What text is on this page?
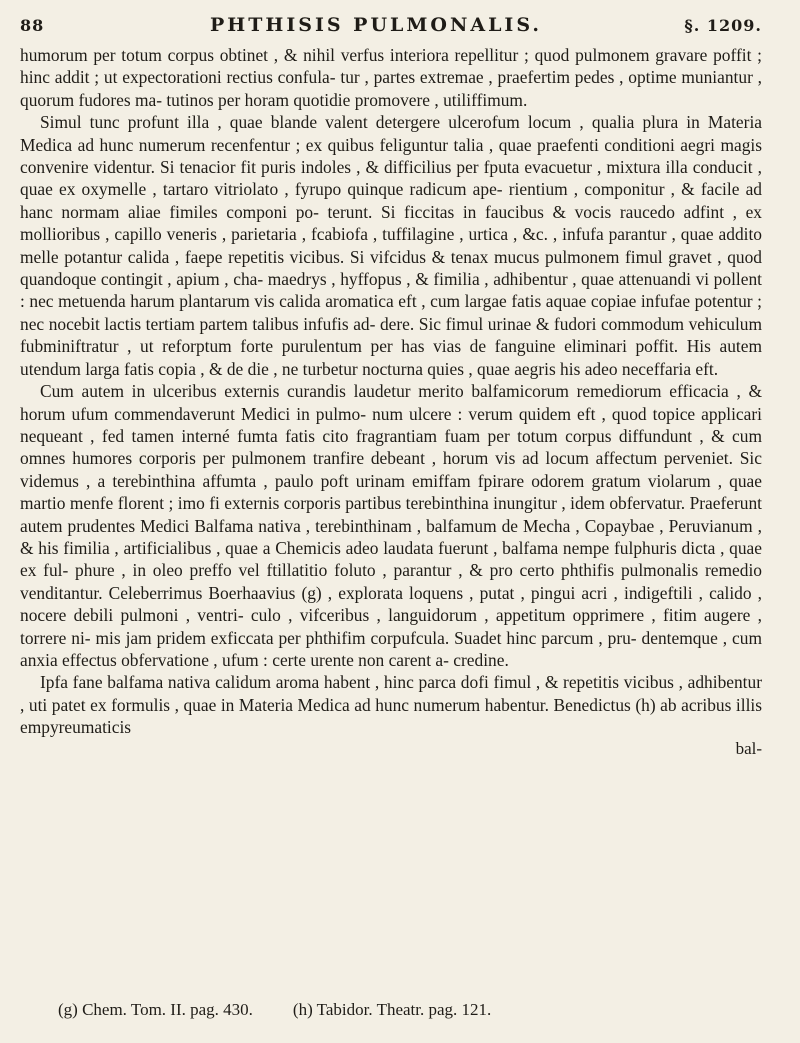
88	PHTHISIS PULMONALIS.	§. 1209.

humorum per totum corpus obtinet , & nihil verfus interiora repellitur ; quod pulmonem gravare poffit ; hinc addit ; ut expectorationi rectius confula- tur , partes extremae , praefertim pedes , optime muniantur , quorum fudores ma- tutinos per horam quotidie promovere , utiliffimum.

Simul tunc profunt illa , quae blande valent detergere ulcerofum locum , qualia plura in Materia Medica ad hunc numerum recenfentur ; ex quibus feliguntur talia , quae praefenti conditioni aegri magis convenire videntur. Si tenacior fit puris indoles , & difficilius per fputa evacuetur , mixtura illa conducit , quae ex oxymelle , tartaro vitriolato , fyrupo quinque radicum ape- rientium , componitur , & facile ad hanc normam aliae fimiles componi po- terunt. Si ficcitas in faucibus & vocis raucedo adfint , ex mollioribus , capillo veneris , parietaria , fcabiofa , tuffilagine , urtica , &c. , infufa parantur , quae addito melle potantur calida , faepe repetitis vicibus. Si vifcidus & tenax mucus pulmonem fimul gravet , quod quandoque contingit , apium , cha- maedrys , hyffopus , & fimilia , adhibentur , quae attenuandi vi pollent : nec metuenda harum plantarum vis calida aromatica eft , cum largae fatis aquae copiae infufae potentur ; nec nocebit lactis tertiam partem talibus infufis ad- dere. Sic fimul urinae & fudori commodum vehiculum fubminiftratur , ut reforptum forte purulentum per has vias de fanguine eliminari poffit. His autem utendum larga fatis copia , & de die , ne turbetur nocturna quies , quae aegris his adeo neceffaria eft.

Cum autem in ulceribus externis curandis laudetur merito balfamicorum remediorum efficacia , & horum ufum commendaverunt Medici in pulmo- num ulcere : verum quidem eft , quod topice applicari nequeant , fed tamen interné fumta fatis cito fragrantiam fuam per totum corpus diffundunt , & cum omnes humores corporis per pulmonem tranfire debeant , horum vis ad locum affectum perveniet. Sic videmus , a terebinthina affumta , paulo poft urinam emiffam fpirare odorem gratum violarum , quae martio menfe florent ; imo fi externis corporis partibus terebinthina inungitur , idem obfervatur. Praeferunt autem prudentes Medici Balfama nativa , terebinthinam , balfamum de Mecha , Copaybae , Peruvianum , & his fimilia , artificialibus , quae a Chemicis adeo laudata fuerunt , balfama nempe fulphuris dicta , quae ex ful- phure , in oleo preffo vel ftillatitio foluto , parantur , & pro certo phthifis pulmonalis remedio venditantur. Celeberrimus Boerhaavius (g) , explorata loquens , putat , pingui acri , indigeftili , calido , nocere debili pulmoni , ventri- culo , vifceribus , languidorum , appetitum opprimere , fitim augere , torrere ni- mis jam pridem exficcata per phthifim corpufcula. Suadet hinc parcum , pru- dentemque , cum anxia effectus obfervatione , ufum : certe urente non carent a- credine.

Ipfa fane balfama nativa calidum aroma habent , hinc parca dofi fimul , & repetitis vicibus , adhibentur , uti patet ex formulis , quae in Materia Medica ad hunc numerum habentur. Benedictus (h) ab acribus illis empyreumaticis

bal-
(g) Chem. Tom. II. pag. 430. (h) Tabidor. Theatr. pag. 121.
